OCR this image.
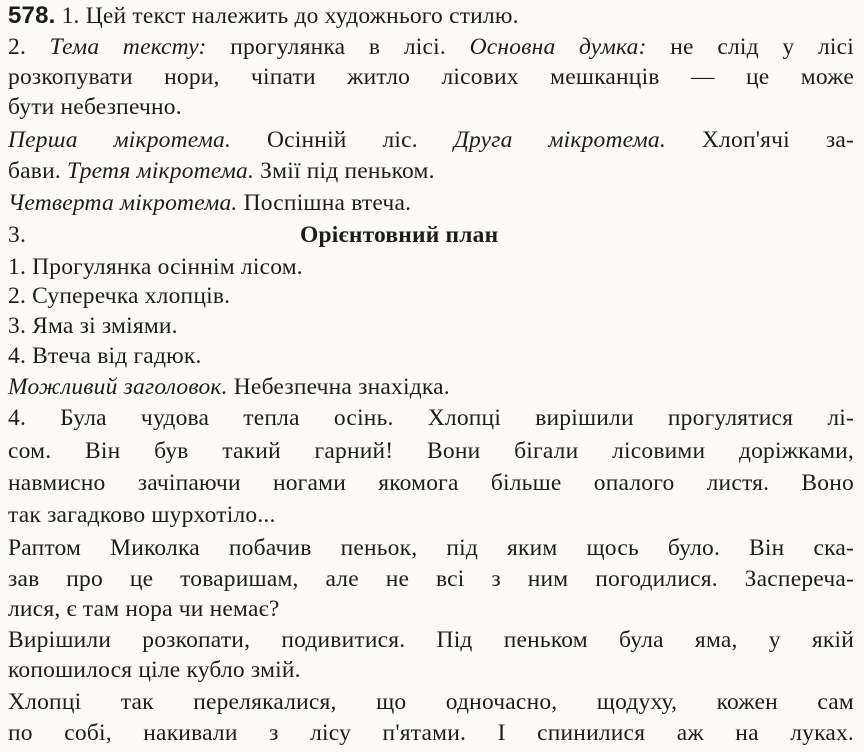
578. 1. Цей текст належить до художнього стилю.
2. Тема тексту: прогулянка в лісі. Основна думка: не слід у лісі
розкопувати нори, чіпати житло лісових мешканців — це може
бути небезпечно.
Перша мікротема. Осінній ліс. Друга мікротема. Хлоп'ячі за-
бави. Третя мікротема. Змії під пеньком.
Четверта мікротема. Поспішна втеча.
3.	Орієнтовний план
1. Прогулянка осіннім лісом.
2. Суперечка хлопців.
3. Яма зі зміями.
4. Втеча від гадюк.
Можливий заголовок. Небезпечна знахідка.
4. Була чудова тепла осінь. Хлопці вирішили прогулятися лі-
сом. Він був такий гарний! Вони бігали лісовими доріжками,
навмисно зачіпаючи ногами якомога більше опалого листя. Воно
так загадково шурхотіло...
Раптом Миколка побачив пеньок, під яким щось було. Він ска-
зав про це товаришам, але не всі з ним погодилися. Засперечa-
лися, є там нора чи немає?
Вирішили розкопати, подивитися. Під пеньком була яма, у якій
копошилося ціле кубло змій.
Хлопці так перелякалися, що одночасно, щодуху, кожен сам
по собі, накивали з лісу п'ятами. І спинилися аж на луках.
